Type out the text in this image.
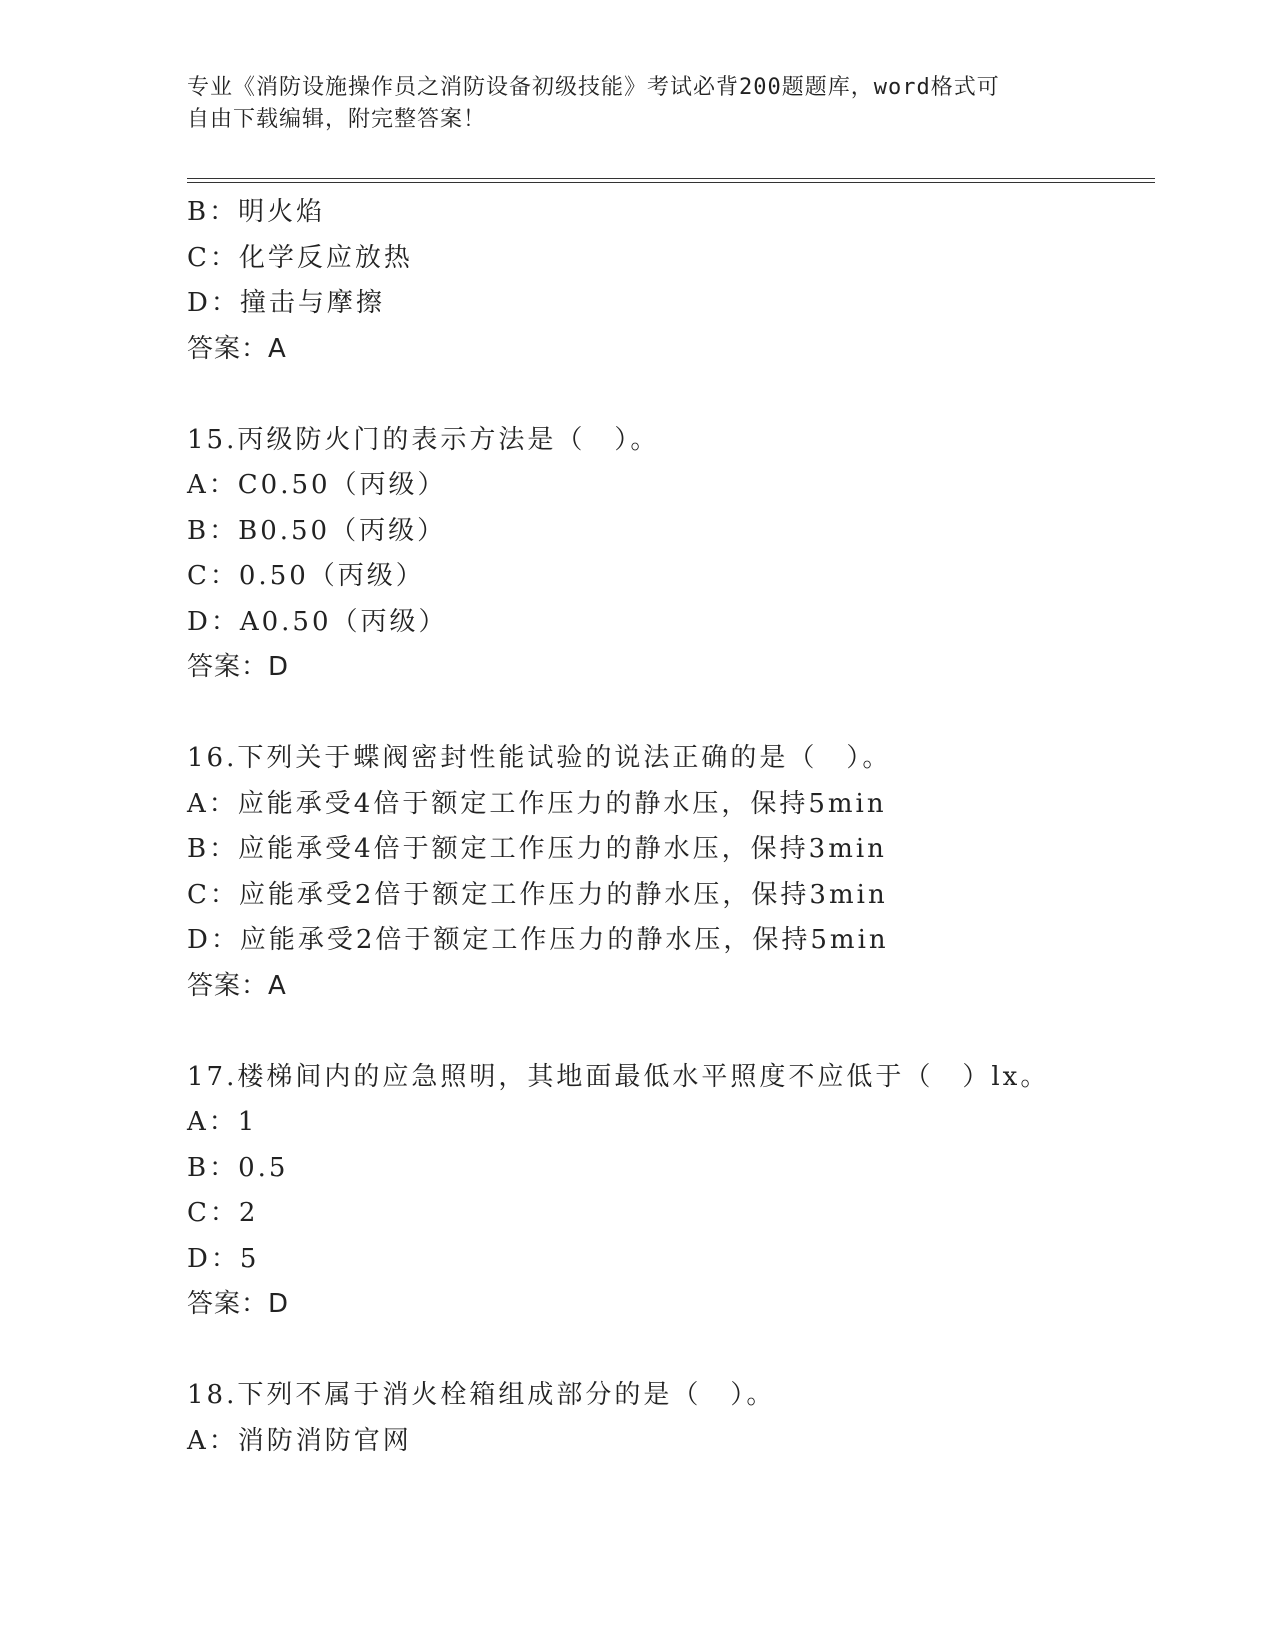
专业《消防设施操作员之消防设备初级技能》考试必背200题题库，word格式可
自由下载编辑，附完整答案！
B：明火焰
C：化学反应放热
D：撞击与摩擦
答案：A
15.丙级防火门的表示方法是（　）。
A：C0.50（丙级）
B：B0.50（丙级）
C：0.50（丙级）
D：A0.50（丙级）
答案：D
16.下列关于蝶阀密封性能试验的说法正确的是（　）。
A：应能承受4倍于额定工作压力的静水压，保持5min
B：应能承受4倍于额定工作压力的静水压，保持3min
C：应能承受2倍于额定工作压力的静水压，保持3min
D：应能承受2倍于额定工作压力的静水压，保持5min
答案：A
17.楼梯间内的应急照明，其地面最低水平照度不应低于（　）lx。
A：1
B：0.5
C：2
D：5
答案：D
18.下列不属于消火栓箱组成部分的是（　）。
A：消防消防官网
